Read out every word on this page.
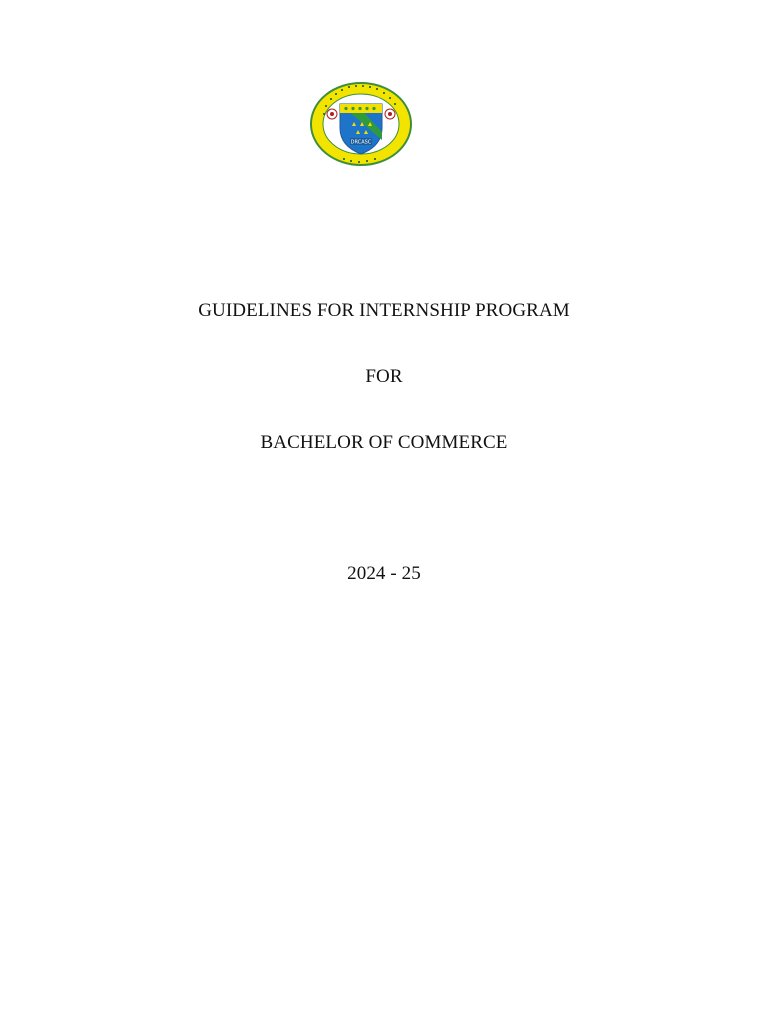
DRCASC
GUIDELINES FOR INTERNSHIP PROGRAM
FOR
BACHELOR OF COMMERCE
2024 - 25
